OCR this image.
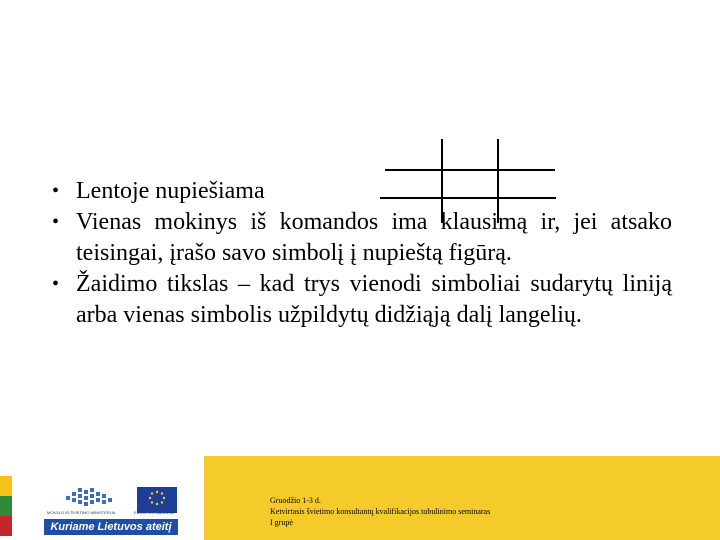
• Lentoje nupiešiama
• Vienas mokinys iš komandos ima klausimą ir, jei atsako teisingai, įrašo savo simbolį į nupieštą figūrą.
• Žaidimo tikslas – kad trys vienodi simboliai sudarytų liniją arba vienas simbolis užpildytų didžiąją dalį langelių.
MOKSLO IR ŠVIETIMO MINISTERIJA	EUROPOS SĄJUNGA
Kuriame Lietuvos ateitį
Gruodžio 1-3 d.
Ketvirtasis švietimo konsultantų kvalifikacijos tobulinimo seminaras
I grupė
